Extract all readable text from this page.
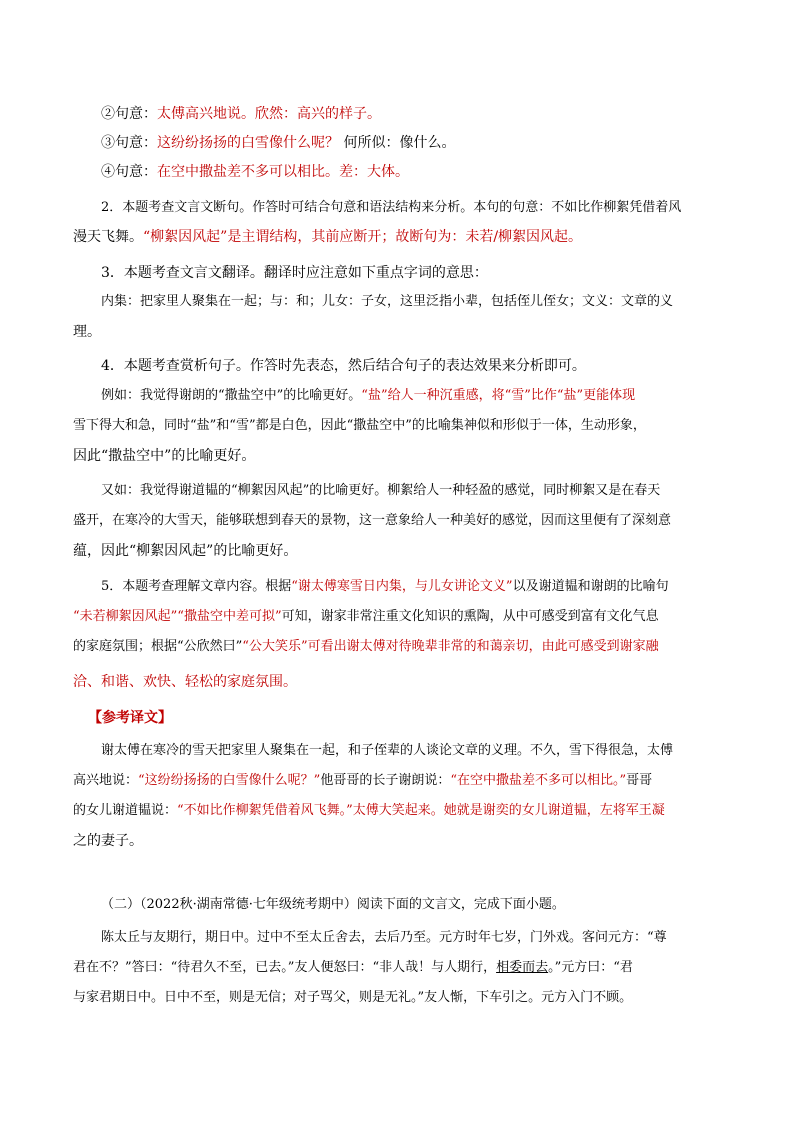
②句意：太傅高兴地说。欣然：高兴的样子。
③句意：这纷纷扬扬的白雪像什么呢？ 何所似：像什么。
④句意：在空中撒盐差不多可以相比。差：大体。
2．本题考查文言文断句。作答时可结合句意和语法结构来分析。本句的句意：不如比作柳絮凭借着风
漫天飞舞。“柳絮因风起”是主谓结构，其前应断开；故断句为：未若/柳絮因风起。
3．本题考查文言文翻译。翻译时应注意如下重点字词的意思：
内集：把家里人聚集在一起；与：和；儿女：子女，这里泛指小辈，包括侄儿侄女；文义：文章的义
理。
4．本题考查赏析句子。作答时先表态，然后结合句子的表达效果来分析即可。
例如：我觉得谢朗的“撒盐空中”的比喻更好。“盐”给人一种沉重感，将“雪”比作“盐”更能体现
雪下得大和急，同时“盐”和“雪”都是白色，因此“撒盐空中”的比喻集神似和形似于一体，生动形象，
因此“撒盐空中”的比喻更好。
又如：我觉得谢道韫的“柳絮因风起”的比喻更好。柳絮给人一种轻盈的感觉，同时柳絮又是在春天
盛开，在寒冷的大雪天，能够联想到春天的景物，这一意象给人一种美好的感觉，因而这里便有了深刻意
蕴，因此“柳絮因风起”的比喻更好。
5．本题考查理解文章内容。根据“谢太傅寒雪日内集，与儿女讲论文义”以及谢道韫和谢朗的比喻句
“未若柳絮因风起”“撒盐空中差可拟”可知，谢家非常注重文化知识的熏陶，从中可感受到富有文化气息
的家庭氛围；根据“公欣然曰”“公大笑乐”可看出谢太傅对待晚辈非常的和蔼亲切，由此可感受到谢家融
洽、和谐、欢快、轻松的家庭氛围。
【参考译文】
谢太傅在寒冷的雪天把家里人聚集在一起，和子侄辈的人谈论文章的义理。不久，雪下得很急，太傅
高兴地说：“这纷纷扬扬的白雪像什么呢？”他哥哥的长子谢朗说：“在空中撒盐差不多可以相比。”哥哥
的女儿谢道韫说：“不如比作柳絮凭借着风飞舞。”太傅大笑起来。她就是谢奕的女儿谢道韫，左将军王凝
之的妻子。
（二）（2022秋·湖南常德·七年级统考期中）阅读下面的文言文，完成下面小题。
陈太丘与友期行，期日中。过中不至太丘舍去，去后乃至。元方时年七岁，门外戏。客问元方：“尊
君在不？”答曰：“待君久不至，已去。”友人便怒曰：“非人哉！与人期行，相委而去。”元方曰：“君
与家君期日中。日中不至，则是无信；对子骂父，则是无礼。”友人惭，下车引之。元方入门不顾。
